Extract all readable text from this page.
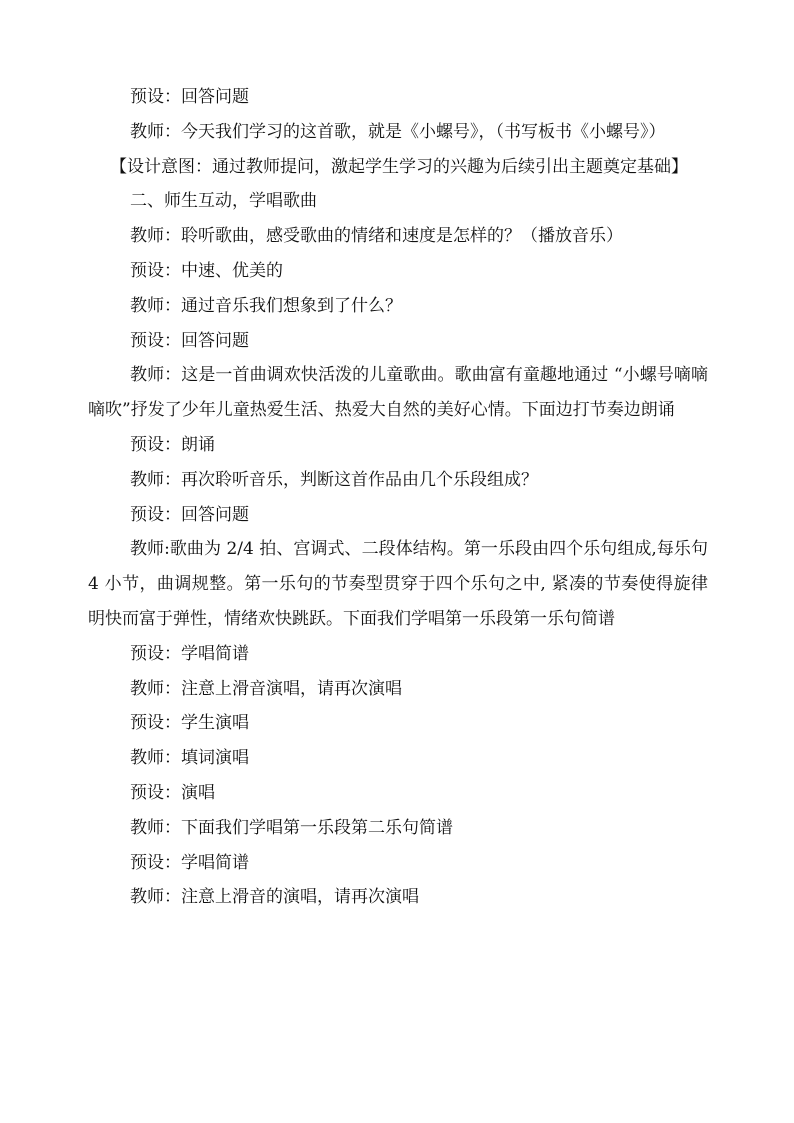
预设：回答问题

教师：今天我们学习的这首歌，就是《小螺号》，（书写板书《小螺号》）

【设计意图：通过教师提问，激起学生学习的兴趣为后续引出主题奠定基础】

二、师生互动，学唱歌曲

教师：聆听歌曲，感受歌曲的情绪和速度是怎样的？（播放音乐）

预设：中速、优美的

教师：通过音乐我们想象到了什么？

预设：回答问题

教师：这是一首曲调欢快活泼的儿童歌曲。歌曲富有童趣地通过 “小螺号嘀嘀嘀吹”抒发了少年儿童热爱生活、热爱大自然的美好心情。下面边打节奏边朗诵

预设：朗诵

教师：再次聆听音乐，判断这首作品由几个乐段组成？

预设：回答问题

教师:歌曲为 2/4 拍、宫调式、二段体结构。第一乐段由四个乐句组成,每乐句 4 小节，曲调规整。第一乐句的节奏型贯穿于四个乐句之中, 紧凑的节奏使得旋律明快而富于弹性，情绪欢快跳跃。下面我们学唱第一乐段第一乐句简谱

预设：学唱简谱

教师：注意上滑音演唱，请再次演唱

预设：学生演唱

教师：填词演唱

预设：演唱

教师：下面我们学唱第一乐段第二乐句简谱

预设：学唱简谱

教师：注意上滑音的演唱，请再次演唱
